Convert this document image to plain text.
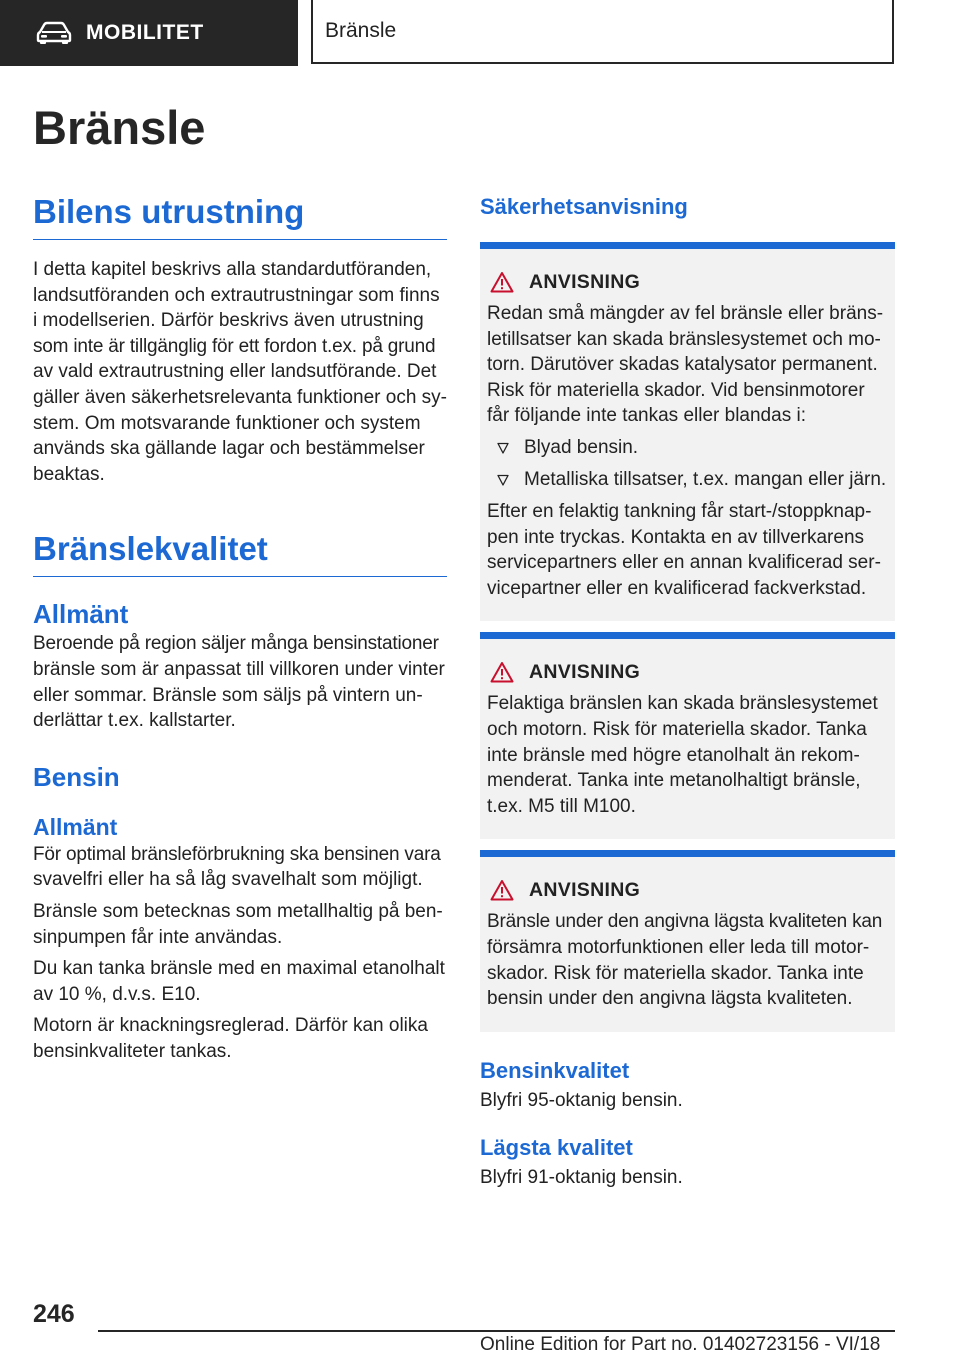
MOBILITET	Bränsle
Bränsle
Bilens utrustning

I detta kapitel beskrivs alla standardutföranden,

landsutföranden och extrautrustningar som finns

i modellserien. Därför beskrivs även utrustning

som inte är tillgänglig för ett fordon t.ex. på grund

av vald extrautrustning eller landsutförande. Det

gäller även säkerhetsrelevanta funktioner och sy‐

stem. Om motsvarande funktioner och system

används ska gällande lagar och bestämmelser

beaktas.

Bränslekvalitet
Allmänt

Beroende på region säljer många bensinstationer

bränsle som är anpassat till villkoren under vinter

eller sommar. Bränsle som säljs på vintern un‐

derlättar t.ex. kallstarter.

Bensin
Allmänt

För optimal bränsleförbrukning ska bensinen vara

svavelfri eller ha så låg svavelhalt som möjligt.

Bränsle som betecknas som metallhaltig på ben‐

sinpumpen får inte användas.

Du kan tanka bränsle med en maximal etanolhalt

av 10 %, d.v.s. E10.

Motorn är knackningsreglerad. Därför kan olika

bensinkvaliteter tankas.

Säkerhetsanvisning
ANVISNING

Redan små mängder av fel bränsle eller bräns‐

letillsatser kan skada bränslesystemet och mo‐

torn. Därutöver skadas katalysator permanent.

Risk för materiella skador. Vid bensinmotorer

får följande inte tankas eller blandas i:

Blyad bensin.
Metalliska tillsatser, t.ex. mangan eller järn.

Efter en felaktig tankning får start-/stoppknap‐

pen inte tryckas. Kontakta en av tillverkarens

servicepartners eller en annan kvalificerad ser‐

vicepartner eller en kvalificerad fackverkstad.

ANVISNING

Felaktiga bränslen kan skada bränslesystemet

och motorn. Risk för materiella skador. Tanka

inte bränsle med högre etanolhalt än rekom‐

menderat. Tanka inte metanolhaltigt bränsle,

t.ex. M5 till M100.

ANVISNING

Bränsle under den angivna lägsta kvaliteten kan

försämra motorfunktionen eller leda till motor‐

skador. Risk för materiella skador. Tanka inte

bensin under den angivna lägsta kvaliteten.

Bensinkvalitet

Blyfri 95-oktanig bensin.

Lägsta kvalitet

Blyfri 91-oktanig bensin.

246
Online Edition for Part no. 01402723156 - VI/18
